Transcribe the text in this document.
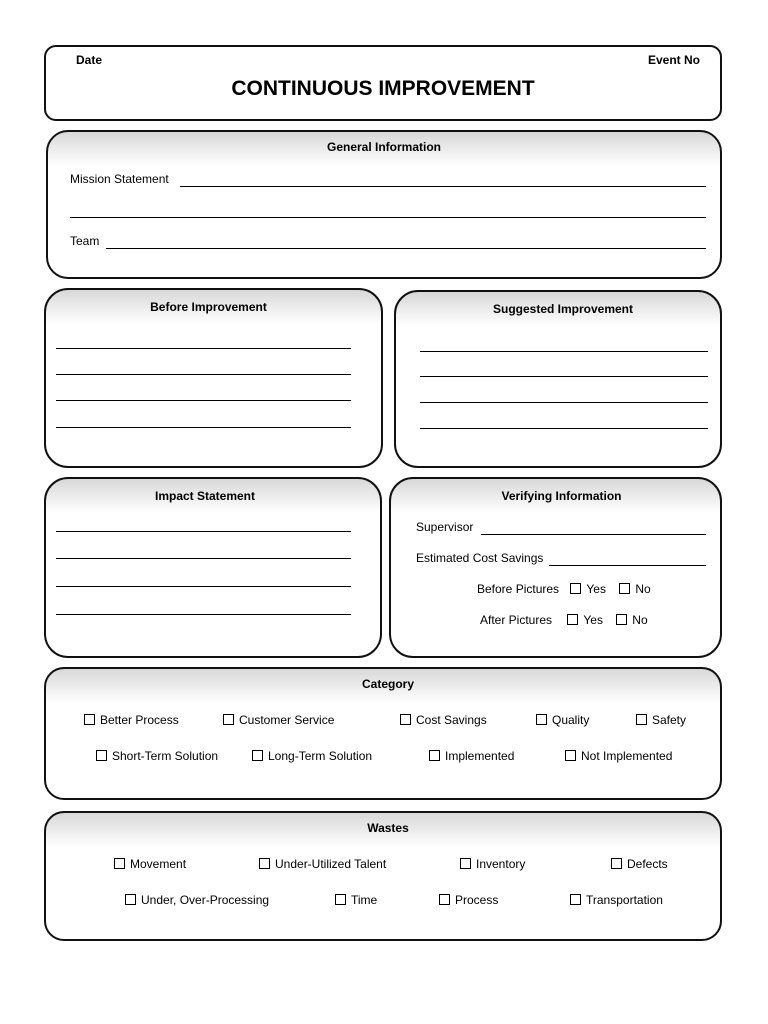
Date	Event No
CONTINUOUS IMPROVEMENT
General Information
Mission Statement
Team
Before Improvement	Suggested Improvement
Impact Statement	Verifying Information
Supervisor
Estimated Cost Savings
Before Pictures Yes No
After Pictures	Yes No
Category
Better Process	Customer Service	Cost Savings	Quality	Safety
Short-Term Solution	Long-Term Solution	Implemented	Not Implemented
Wastes
Movement	Under-Utilized Talent	Inventory	Defects
Under, Over-Processing	Time	Process	Transportation
